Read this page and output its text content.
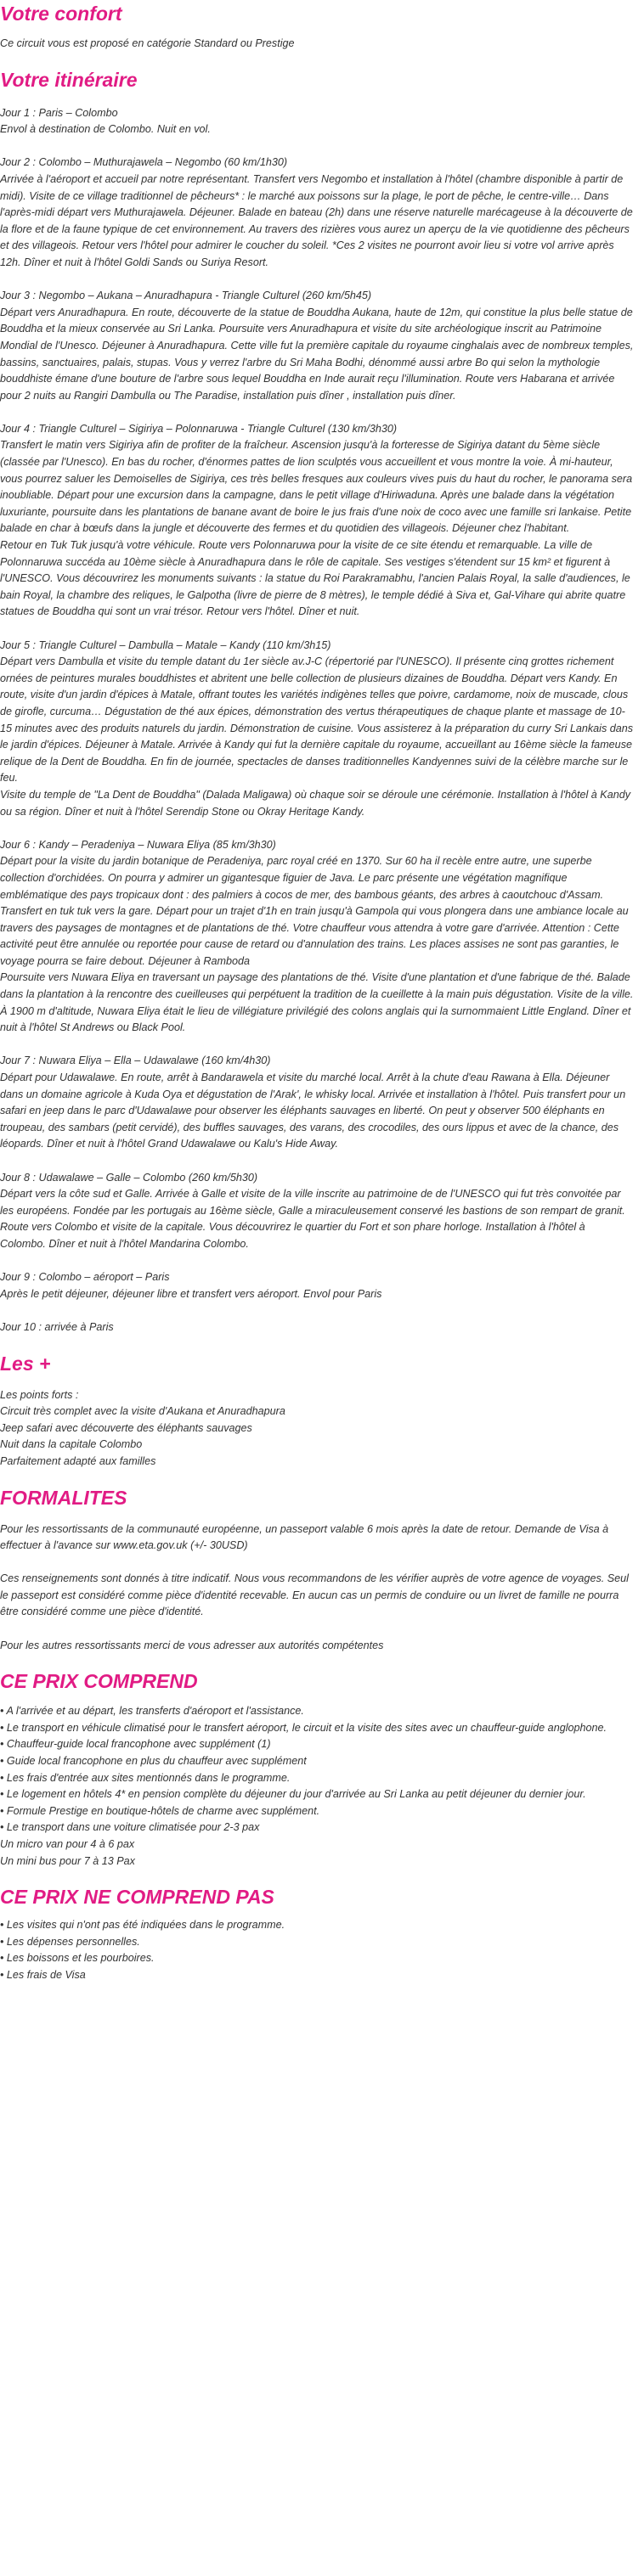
Votre confort

Ce circuit vous est proposé en catégorie Standard ou Prestige

Votre itinéraire

Jour 1 : Paris – Colombo
Envol à destination de Colombo. Nuit en vol.

Jour 2 : Colombo – Muthurajawela – Negombo (60 km/1h30)
Arrivée à l'aéroport et accueil par notre représentant. Transfert vers Negombo et installation à l'hôtel (chambre disponible à partir de midi). Visite de ce village traditionnel de pêcheurs* : le marché aux poissons sur la plage, le port de pêche, le centre-ville… Dans l'après-midi départ vers Muthurajawela. Déjeuner. Balade en bateau (2h) dans une réserve naturelle marécageuse à la découverte de la flore et de la faune typique de cet environnement. Au travers des rizières vous aurez un aperçu de la vie quotidienne des pêcheurs et des villageois. Retour vers l'hôtel pour admirer le coucher du soleil. *Ces 2 visites ne pourront avoir lieu si votre vol arrive après 12h. Dîner et nuit à l'hôtel Goldi Sands ou Suriya Resort.

Jour 3 : Negombo – Aukana – Anuradhapura - Triangle Culturel (260 km/5h45)
Départ vers Anuradhapura. En route, découverte de la statue de Bouddha Aukana, haute de 12m, qui constitue la plus belle statue de Bouddha et la mieux conservée au Sri Lanka. Poursuite vers Anuradhapura et visite du site archéologique inscrit au Patrimoine Mondial de l'Unesco. Déjeuner à Anuradhapura. Cette ville fut la première capitale du royaume cinghalais avec de nombreux temples, bassins, sanctuaires, palais, stupas. Vous y verrez l'arbre du Sri Maha Bodhi, dénommé aussi arbre Bo qui selon la mythologie bouddhiste émane d'une bouture de l'arbre sous lequel Bouddha en Inde aurait reçu l'illumination. Route vers Habarana et arrivée pour 2 nuits au Rangiri Dambulla ou The Paradise, installation puis dîner , installation puis dîner.

Jour 4 : Triangle Culturel – Sigiriya – Polonnaruwa - Triangle Culturel (130 km/3h30)
Transfert le matin vers Sigiriya afin de profiter de la fraîcheur. Ascension jusqu'à la forteresse de Sigiriya datant du 5ème siècle (classée par l'Unesco). En bas du rocher, d'énormes pattes de lion sculptés vous accueillent et vous montre la voie. À mi-hauteur, vous pourrez saluer les Demoiselles de Sigiriya, ces très belles fresques aux couleurs vives puis du haut du rocher, le panorama sera inoubliable. Départ pour une excursion dans la campagne, dans le petit village d'Hiriwaduna. Après une balade dans la végétation luxuriante, poursuite dans les plantations de banane avant de boire le jus frais d'une noix de coco avec une famille sri lankaise. Petite balade en char à bœufs dans la jungle et découverte des fermes et du quotidien des villageois. Déjeuner chez l'habitant.
Retour en Tuk Tuk jusqu'à votre véhicule. Route vers Polonnaruwa pour la visite de ce site étendu et remarquable. La ville de Polonnaruwa succéda au 10ème siècle à Anuradhapura dans le rôle de capitale. Ses vestiges s'étendent sur 15 km² et figurent à l'UNESCO. Vous découvrirez les monuments suivants : la statue du Roi Parakramabhu, l'ancien Palais Royal, la salle d'audiences, le bain Royal, la chambre des reliques, le Galpotha (livre de pierre de 8 mètres), le temple dédié à Siva et, Gal-Vihare qui abrite quatre statues de Bouddha qui sont un vrai trésor. Retour vers l'hôtel. Dîner et nuit.

Jour 5 : Triangle Culturel – Dambulla – Matale – Kandy (110 km/3h15)
Départ vers Dambulla et visite du temple datant du 1er siècle av.J-C (répertorié par l'UNESCO). Il présente cinq grottes richement ornées de peintures murales bouddhistes et abritent une belle collection de plusieurs dizaines de Bouddha. Départ vers Kandy. En route, visite d'un jardin d'épices à Matale, offrant toutes les variétés indigènes telles que poivre, cardamome, noix de muscade, clous de girofle, curcuma… Dégustation de thé aux épices, démonstration des vertus thérapeutiques de chaque plante et massage de 10-15 minutes avec des produits naturels du jardin. Démonstration de cuisine. Vous assisterez à la préparation du curry Sri Lankais dans le jardin d'épices. Déjeuner à Matale. Arrivée à Kandy qui fut la dernière capitale du royaume, accueillant au 16ème siècle la fameuse relique de la Dent de Bouddha. En fin de journée, spectacles de danses traditionnelles Kandyennes suivi de la célèbre marche sur le feu.
Visite du temple de "La Dent de Bouddha" (Dalada Maligawa) où chaque soir se déroule une cérémonie. Installation à l'hôtel à Kandy ou sa région. Dîner et nuit à l'hôtel Serendip Stone ou Okray Heritage Kandy.

Jour 6 : Kandy – Peradeniya – Nuwara Eliya (85 km/3h30)
Départ pour la visite du jardin botanique de Peradeniya, parc royal créé en 1370. Sur 60 ha il recèle entre autre, une superbe collection d'orchidées. On pourra y admirer un gigantesque figuier de Java. Le parc présente une végétation magnifique emblématique des pays tropicaux dont : des palmiers à cocos de mer, des bambous géants, des arbres à caoutchouc d'Assam.
Transfert en tuk tuk vers la gare. Départ pour un trajet d'1h en train jusqu'à Gampola qui vous plongera dans une ambiance locale au travers des paysages de montagnes et de plantations de thé. Votre chauffeur vous attendra à votre gare d'arrivée. Attention : Cette activité peut être annulée ou reportée pour cause de retard ou d'annulation des trains. Les places assises ne sont pas garanties, le voyage pourra se faire debout. Déjeuner à Ramboda
Poursuite vers Nuwara Eliya en traversant un paysage des plantations de thé. Visite d'une plantation et d'une fabrique de thé. Balade dans la plantation à la rencontre des cueilleuses qui perpétuent la tradition de la cueillette à la main puis dégustation. Visite de la ville. À 1900 m d'altitude, Nuwara Eliya était le lieu de villégiature privilégié des colons anglais qui la surnommaient Little England. Dîner et nuit à l'hôtel St Andrews ou Black Pool.

Jour 7 : Nuwara Eliya – Ella – Udawalawe (160 km/4h30)
Départ pour Udawalawe. En route, arrêt à Bandarawela et visite du marché local. Arrêt à la chute d'eau Rawana à Ella. Déjeuner dans un domaine agricole à Kuda Oya et dégustation de l'Arak', le whisky local. Arrivée et installation à l'hôtel. Puis transfert pour un safari en jeep dans le parc d'Udawalawe pour observer les éléphants sauvages en liberté. On peut y observer 500 éléphants en troupeau, des sambars (petit cervidé), des buffles sauvages, des varans, des crocodiles, des ours lippus et avec de la chance, des léopards. Dîner et nuit à l'hôtel Grand Udawalawe ou Kalu's Hide Away.

Jour 8 : Udawalawe – Galle – Colombo (260 km/5h30)
Départ vers la côte sud et Galle. Arrivée à Galle et visite de la ville inscrite au patrimoine de de l'UNESCO qui fut très convoitée par les européens. Fondée par les portugais au 16ème siècle, Galle a miraculeusement conservé les bastions de son rempart de granit.
Route vers Colombo et visite de la capitale. Vous découvrirez le quartier du Fort et son phare horloge. Installation à l'hôtel à Colombo. Dîner et nuit à l'hôtel Mandarina Colombo.

Jour 9 : Colombo – aéroport – Paris
Après le petit déjeuner, déjeuner libre et transfert vers aéroport. Envol pour Paris

Jour 10 : arrivée à Paris

Les +

Les points forts :
Circuit très complet avec la visite d'Aukana et Anuradhapura
Jeep safari avec découverte des éléphants sauvages
Nuit dans la capitale Colombo
Parfaitement adapté aux familles

FORMALITES

Pour les ressortissants de la communauté européenne, un passeport valable 6 mois après la date de retour. Demande de Visa à effectuer à l'avance sur www.eta.gov.uk (+/- 30USD)

Ces renseignements sont donnés à titre indicatif. Nous vous recommandons de les vérifier auprès de votre agence de voyages. Seul le passeport est considéré comme pièce d'identité recevable. En aucun cas un permis de conduire ou un livret de famille ne pourra être considéré comme une pièce d'identité.

Pour les autres ressortissants merci de vous adresser aux autorités compétentes

CE PRIX COMPREND

• A l'arrivée et au départ, les transferts d'aéroport et l'assistance.
• Le transport en véhicule climatisé pour le transfert aéroport, le circuit et la visite des sites avec un chauffeur-guide anglophone.
• Chauffeur-guide local francophone avec supplément (1)
• Guide local francophone en plus du chauffeur avec supplément
• Les frais d'entrée aux sites mentionnés dans le programme.
• Le logement en hôtels 4* en pension complète du déjeuner du jour d'arrivée au Sri Lanka au petit déjeuner du dernier jour.
• Formule Prestige en boutique-hôtels de charme avec supplément.
• Le transport dans une voiture climatisée pour 2-3 pax
Un micro van pour 4 à 6 pax
Un mini bus pour 7 à 13 Pax

CE PRIX NE COMPREND PAS

• Les visites qui n'ont pas été indiquées dans le programme.
• Les dépenses personnelles.
• Les boissons et les pourboires.
• Les frais de Visa
